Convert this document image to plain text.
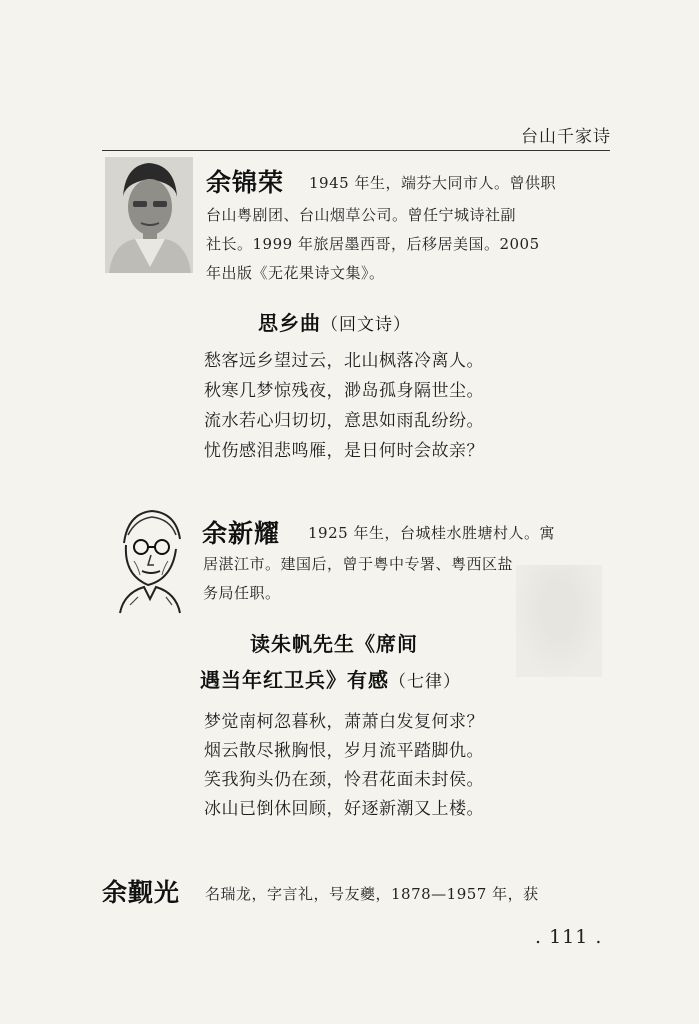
台山千家诗
余锦荣 1945 年生，端芬大同市人。曾供职
台山粤剧团、台山烟草公司。曾任宁城诗社副
社长。1999 年旅居墨西哥，后移居美国。2005
年出版《无花果诗文集》。
思乡曲（回文诗）
愁客远乡望过云，北山枫落冷离人。
秋寒几梦惊残夜，渺岛孤身隔世尘。
流水若心归切切，意思如雨乱纷纷。
忧伤感泪悲鸣雁，是日何时会故亲？
余新耀 1925 年生，台城桂水胜塘村人。寓
居湛江市。建国后，曾于粤中专署、粤西区盐
务局任职。
读朱帆先生《席间
遇当年红卫兵》有感（七律）
梦觉南柯忽暮秋，萧萧白发复何求？
烟云散尽揪胸恨，岁月流平踏脚仇。
笑我狗头仍在颈，怜君花面未封侯。
冰山已倒休回顾，好逐新潮又上楼。
余觐光 名瑞龙，字言礼，号友夔，1878—1957 年，获
. 111 .
